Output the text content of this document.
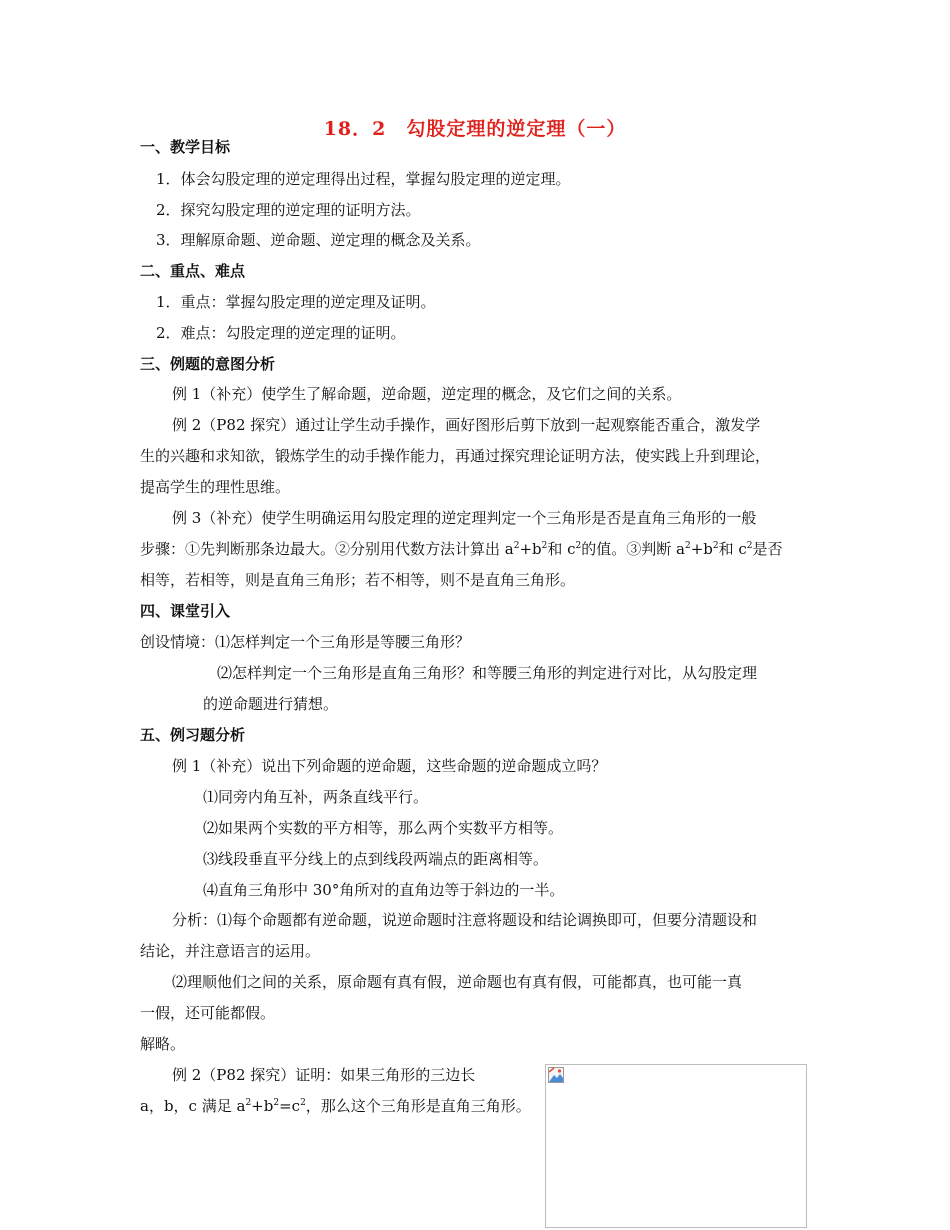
18．2　勾股定理的逆定理（一）
一、教学目标
1．体会勾股定理的逆定理得出过程，掌握勾股定理的逆定理。
2．探究勾股定理的逆定理的证明方法。
3．理解原命题、逆命题、逆定理的概念及关系。
二、重点、难点
1．重点：掌握勾股定理的逆定理及证明。
2．难点：勾股定理的逆定理的证明。
三、例题的意图分析
例 1（补充）使学生了解命题，逆命题，逆定理的概念，及它们之间的关系。
例 2（P82 探究）通过让学生动手操作，画好图形后剪下放到一起观察能否重合，激发学
生的兴趣和求知欲，锻炼学生的动手操作能力，再通过探究理论证明方法，使实践上升到理论，
提高学生的理性思维。
例 3（补充）使学生明确运用勾股定理的逆定理判定一个三角形是否是直角三角形的一般
步骤：①先判断那条边最大。②分别用代数方法计算出 $a^2+b^2$和 $c^2$的值。③判断 $a^2+b^2$和 $c^2$是否
相等，若相等，则是直角三角形；若不相等，则不是直角三角形。
四、课堂引入
创设情境：⑴怎样判定一个三角形是等腰三角形？
⑵怎样判定一个三角形是直角三角形？和等腰三角形的判定进行对比，从勾股定理
的逆命题进行猜想。
五、例习题分析
例 1（补充）说出下列命题的逆命题，这些命题的逆命题成立吗？
⑴同旁内角互补，两条直线平行。
⑵如果两个实数的平方相等，那么两个实数平方相等。
⑶线段垂直平分线上的点到线段两端点的距离相等。
⑷直角三角形中 30°角所对的直角边等于斜边的一半。
分析：⑴每个命题都有逆命题，说逆命题时注意将题设和结论调换即可，但要分清题设和
结论，并注意语言的运用。
⑵理顺他们之间的关系，原命题有真有假，逆命题也有真有假，可能都真，也可能一真
一假，还可能都假。
解略。
例 2（P82 探究）证明：如果三角形的三边长
a，b，c 满足 $a^2+b^2=c^2$，那么这个三角形是直角三角形。
